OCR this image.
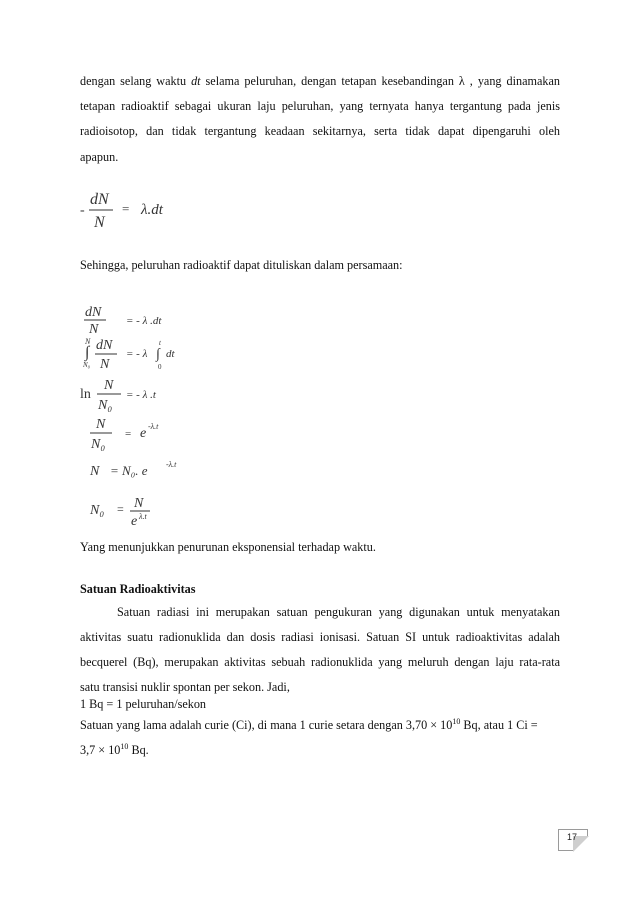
dengan selang waktu dt selama peluruhan, dengan tetapan kesebandingan λ , yang dinamakan
tetapan radioaktif sebagai ukuran laju peluruhan, yang ternyata hanya tergantung pada jenis
radioisotop, dan tidak tergantung keadaan sekitarnya, serta tidak dapat dipengaruhi oleh
apapun.
-
dN
N
= λ.dt
dN
N
= - λ .dt
N
∫
N₀
dN
N
= - λ
t
∫
0
dt
ln
N
N₀
= - λ .t
N
N₀
= e -λ.t
N = N₀. e -λ.t
N₀ = N
e λ.t
Sehingga, peluruhan radioaktif dapat dituliskan dalam persamaan:
Yang menunjukkan penurunan eksponensial terhadap waktu.
Satuan Radioaktivitas
Satuan radiasi ini merupakan satuan pengukuran yang digunakan untuk menyatakan
aktivitas suatu radionuklida dan dosis radiasi ionisasi. Satuan SI untuk radioaktivitas adalah
becquerel (Bq), merupakan aktivitas sebuah radionuklida yang meluruh dengan laju rata-rata
satu transisi nuklir spontan per sekon. Jadi,
1 Bq = 1 peluruhan/sekon
Satuan yang lama adalah curie (Ci), di mana 1 curie setara dengan $3,70 \times 10^{10}$ Bq, atau 1 Ci =
$3,7 \times 10^{10}$ Bq.
17
